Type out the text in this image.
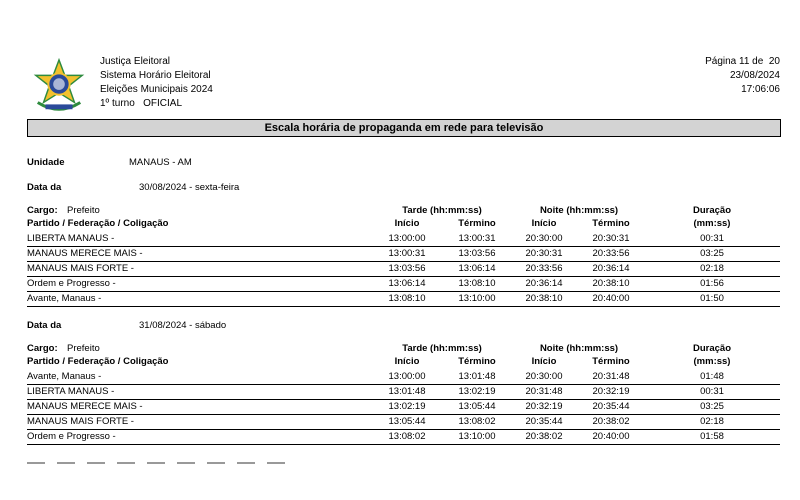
Justiça Eleitoral
Sistema Horário Eleitoral
Eleições Municipais 2024
1º turno   OFICIAL
Página 11 de  20
23/08/2024
17:06:06
Escala horária de propaganda em rede para televisão
Unidade	MANAUS - AM
Data da	30/08/2024 - sexta-feira
Cargo: Prefeito	Tarde (hh:mm:ss)	Noite (hh:mm:ss)	Duração
Partido / Federação / Coligação	Início	Término	Início	Término	(mm:ss)
LIBERTA MANAUS -	13:00:00	13:00:31	20:30:00	20:30:31	00:31
MANAUS MERECE MAIS -	13:00:31	13:03:56	20:30:31	20:33:56	03:25
MANAUS MAIS FORTE -	13:03:56	13:06:14	20:33:56	20:36:14	02:18
Ordem e Progresso -	13:06:14	13:08:10	20:36:14	20:38:10	01:56
Avante, Manaus -	13:08:10	13:10:00	20:38:10	20:40:00	01:50
Data da	31/08/2024 - sábado
Cargo: Prefeito	Tarde (hh:mm:ss)	Noite (hh:mm:ss)	Duração
Partido / Federação / Coligação	Início	Término	Início	Término	(mm:ss)
Avante, Manaus -	13:00:00	13:01:48	20:30:00	20:31:48	01:48
LIBERTA MANAUS -	13:01:48	13:02:19	20:31:48	20:32:19	00:31
MANAUS MERECE MAIS -	13:02:19	13:05:44	20:32:19	20:35:44	03:25
MANAUS MAIS FORTE -	13:05:44	13:08:02	20:35:44	20:38:02	02:18
Ordem e Progresso -	13:08:02	13:10:00	20:38:02	20:40:00	01:58
